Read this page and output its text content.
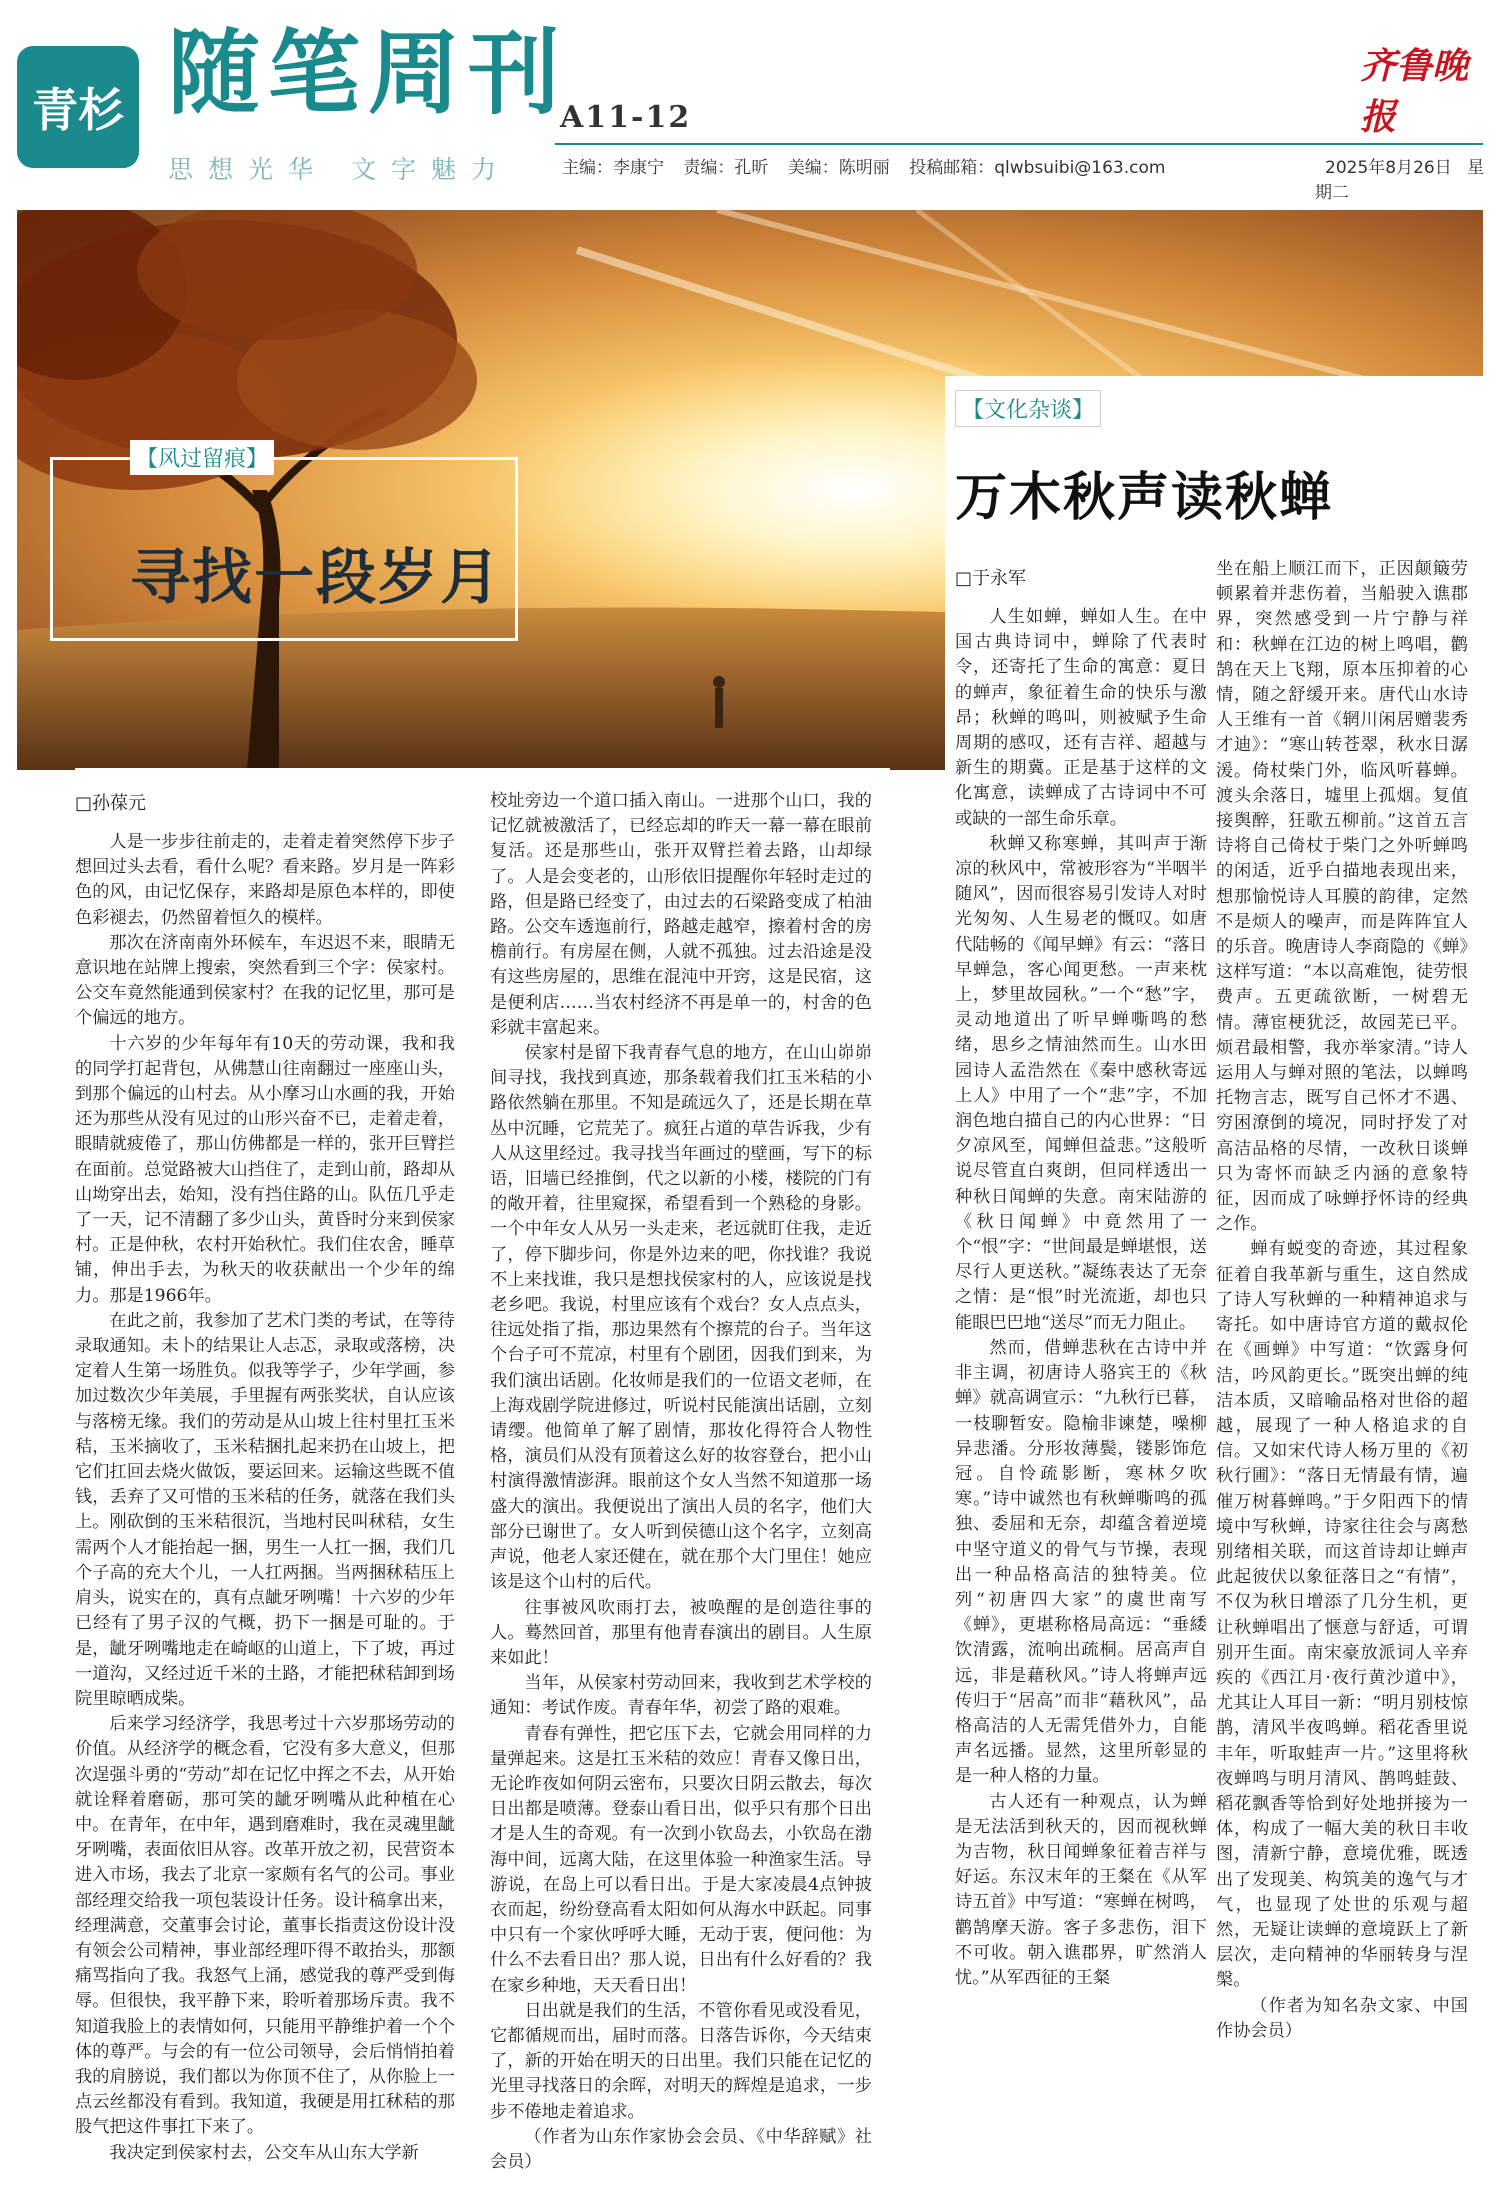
青杉 随笔周刊
思想光华 文字魅力
A11-12
齐鲁晚报
主编：李康宁 责编：孔昕 美编：陈明丽 投稿邮箱：qlwbsuibi@163.com	2025年8月26日 星期二
【风过留痕】
寻找一段岁月
【文化杂谈】
万木秋声读秋蝉
□于永军
□孙葆元

人是一步步往前走的，走着走着突然停下步子想回过头去看，看什么呢？看来路。岁月是一阵彩色的风，由记忆保存，来路却是原色本样的，即使色彩褪去，仍然留着恒久的模样。

那次在济南南外环候车，车迟迟不来，眼睛无意识地在站牌上搜索，突然看到三个字：侯家村。公交车竟然能通到侯家村？在我的记忆里，那可是个偏远的地方。

十六岁的少年每年有10天的劳动课，我和我的同学打起背包，从佛慧山往南翻过一座座山头，到那个偏远的山村去。从小摩习山水画的我，开始还为那些从没有见过的山形兴奋不已，走着走着，眼睛就疲倦了，那山仿佛都是一样的，张开巨臂拦在面前。总觉路被大山挡住了，走到山前，路却从山坳穿出去，始知，没有挡住路的山。队伍几乎走了一天，记不清翻了多少山头，黄昏时分来到侯家村。正是仲秋，农村开始秋忙。我们住农舍，睡草铺，伸出手去，为秋天的收获献出一个少年的绵力。那是1966年。

在此之前，我参加了艺术门类的考试，在等待录取通知。未卜的结果让人忐忑，录取或落榜，决定着人生第一场胜负。似我等学子，少年学画，参加过数次少年美展，手里握有两张奖状，自认应该与落榜无缘。我们的劳动是从山坡上往村里扛玉米秸，玉米摘收了，玉米秸捆扎起来扔在山坡上，把它们扛回去烧火做饭，要运回来。运输这些既不值钱，丢弃了又可惜的玉米秸的任务，就落在我们头上。刚砍倒的玉米秸很沉，当地村民叫秫秸，女生需两个人才能抬起一捆，男生一人扛一捆，我们几个子高的充大个儿，一人扛两捆。当两捆秫秸压上肩头，说实在的，真有点龇牙咧嘴！十六岁的少年已经有了男子汉的气概，扔下一捆是可耻的。于是，龇牙咧嘴地走在崎岖的山道上，下了坡，再过一道沟，又经过近千米的土路，才能把秫秸卸到场院里晾晒成柴。

后来学习经济学，我思考过十六岁那场劳动的价值。从经济学的概念看，它没有多大意义，但那次逞强斗勇的“劳动”却在记忆中挥之不去，从开始就诠释着磨砺，那可笑的龇牙咧嘴从此种植在心中。在青年，在中年，遇到磨难时，我在灵魂里龇牙咧嘴，表面依旧从容。改革开放之初，民营资本进入市场，我去了北京一家颇有名气的公司。事业部经理交给我一项包装设计任务。设计稿拿出来，经理满意，交董事会讨论，董事长指责这份设计没有领会公司精神，事业部经理吓得不敢抬头，那额痛骂指向了我。我怒气上涌，感觉我的尊严受到侮辱。但很快，我平静下来，聆听着那场斥责。我不知道我脸上的表情如何，只能用平静维护着一个个体的尊严。与会的有一位公司领导，会后悄悄拍着我的肩膀说，我们都以为你顶不住了，从你脸上一点云丝都没有看到。我知道，我硬是用扛秫秸的那股气把这件事扛下来了。

我决定到侯家村去，公交车从山东大学新

校址旁边一个道口插入南山。一进那个山口，我的记忆就被激活了，已经忘却的昨天一幕一幕在眼前复活。还是那些山，张开双臂拦着去路，山却绿了。人是会变老的，山形依旧提醒你年轻时走过的路，但是路已经变了，由过去的石梁路变成了柏油路。公交车透迤前行，路越走越窄，擦着村舍的房檐前行。有房屋在侧，人就不孤独。过去沿途是没有这些房屋的，思维在混沌中开窍，这是民宿，这是便利店……当农村经济不再是单一的，村舍的色彩就丰富起来。

侯家村是留下我青春气息的地方，在山山峁峁间寻找，我找到真迹，那条载着我们扛玉米秸的小路依然躺在那里。不知是疏远久了，还是长期在草丛中沉睡，它荒芜了。疯狂占道的草告诉我，少有人从这里经过。我寻找当年画过的壁画，写下的标语，旧墙已经推倒，代之以新的小楼，楼院的门有的敞开着，往里窥探，希望看到一个熟稔的身影。一个中年女人从另一头走来，老远就盯住我，走近了，停下脚步问，你是外边来的吧，你找谁？我说不上来找谁，我只是想找侯家村的人，应该说是找老乡吧。我说，村里应该有个戏台？女人点点头，往远处指了指，那边果然有个擦荒的台子。当年这个台子可不荒凉，村里有个剧团，因我们到来，为我们演出话剧。化妆师是我们的一位语文老师，在上海戏剧学院进修过，听说村民能演出话剧，立刻请缨。他简单了解了剧情，那妆化得符合人物性格，演员们从没有顶着这么好的妆容登台，把小山村演得激情澎湃。眼前这个女人当然不知道那一场盛大的演出。我便说出了演出人员的名字，他们大部分已谢世了。女人听到侯德山这个名字，立刻高声说，他老人家还健在，就在那个大门里住！她应该是这个山村的后代。

往事被风吹雨打去，被唤醒的是创造往事的人。蓦然回首，那里有他青春演出的剧目。人生原来如此！

当年，从侯家村劳动回来，我收到艺术学校的通知：考试作废。青春年华，初尝了路的艰难。

青春有弹性，把它压下去，它就会用同样的力量弹起来。这是扛玉米秸的效应！青春又像日出，无论昨夜如何阴云密布，只要次日阴云散去，每次日出都是喷薄。登泰山看日出，似乎只有那个日出才是人生的奇观。有一次到小钦岛去，小钦岛在渤海中间，远离大陆，在这里体验一种渔家生活。导游说，在岛上可以看日出。于是大家凌晨4点钟披衣而起，纷纷登高看太阳如何从海水中跃起。同事中只有一个家伙呼呼大睡，无动于衷，便问他：为什么不去看日出？那人说，日出有什么好看的？我在家乡种地，天天看日出！

日出就是我们的生活，不管你看见或没看见，它都循规而出，届时而落。日落告诉你，今天结束了，新的开始在明天的日出里。我们只能在记忆的光里寻找落日的余晖，对明天的辉煌是追求，一步步不倦地走着追求。

（作者为山东作家协会会员、《中华辞赋》社会员）

人生如蝉，蝉如人生。在中国古典诗词中，蝉除了代表时令，还寄托了生命的寓意：夏日的蝉声，象征着生命的快乐与激昂；秋蝉的鸣叫，则被赋予生命周期的感叹，还有吉祥、超越与新生的期冀。正是基于这样的文化寓意，读蝉成了古诗词中不可或缺的一部生命乐章。

秋蝉又称寒蝉，其叫声于渐凉的秋风中，常被形容为“半咽半随风”，因而很容易引发诗人对时光匆匆、人生易老的慨叹。如唐代陆畅的《闻早蝉》有云：“落日早蝉急，客心闻更愁。一声来枕上，梦里故园秋。”一个“愁”字，灵动地道出了听早蝉嘶鸣的愁绪，思乡之情油然而生。山水田园诗人孟浩然在《秦中感秋寄远上人》中用了一个“悲”字，不加润色地白描自己的内心世界：“日夕凉风至，闻蝉但益悲。”这般听说尽管直白爽朗，但同样透出一种秋日闻蝉的失意。南宋陆游的《秋日闻蝉》中竟然用了一个“恨”字：“世间最是蝉堪恨，送尽行人更送秋。”凝练表达了无奈之情：是“恨”时光流逝，却也只能眼巴巴地“送尽”而无力阻止。

然而，借蝉悲秋在古诗中并非主调，初唐诗人骆宾王的《秋蝉》就高调宣示：“九秋行已暮，一枝聊暂安。隐榆非谏楚，噪柳异悲潘。分形妆薄鬓，镂影饰危冠。自怜疏影断，寒林夕吹寒。”诗中诚然也有秋蝉嘶鸣的孤独、委屈和无奈，却蕴含着逆境中坚守道义的骨气与节操，表现出一种品格高洁的独特美。位列“初唐四大家”的虞世南写《蝉》，更堪称格局高远：“垂緌饮清露，流响出疏桐。居高声自远，非是藉秋风。”诗人将蝉声远传归于“居高”而非“藉秋风”，品格高洁的人无需凭借外力，自能声名远播。显然，这里所彰显的是一种人格的力量。

古人还有一种观点，认为蝉是无法活到秋天的，因而视秋蝉为吉物，秋日闻蝉象征着吉祥与好运。东汉末年的王粲在《从军诗五首》中写道：“寒蝉在树鸣，鹳鹄摩天游。客子多悲伤，泪下不可收。朝入谯郡界，旷然消人忧。”从军西征的王粲

坐在船上顺江而下，正因颠簸劳顿累着并悲伤着，当船驶入谯郡界，突然感受到一片宁静与祥和：秋蝉在江边的树上鸣唱，鹳鹄在天上飞翔，原本压抑着的心情，随之舒缓开来。唐代山水诗人王维有一首《辋川闲居赠裴秀才迪》：“寒山转苍翠，秋水日潺湲。倚杖柴门外，临风听暮蝉。渡头余落日，墟里上孤烟。复值接舆醉，狂歌五柳前。”这首五言诗将自己倚杖于柴门之外听蝉鸣的闲适，近乎白描地表现出来，想那愉悦诗人耳膜的韵律，定然不是烦人的噪声，而是阵阵宜人的乐音。晚唐诗人李商隐的《蝉》这样写道：“本以高难饱，徒劳恨费声。五更疏欲断，一树碧无情。薄宦梗犹泛，故园芜已平。烦君最相警，我亦举家清。”诗人运用人与蝉对照的笔法，以蝉鸣托物言志，既写自己怀才不遇、穷困潦倒的境况，同时抒发了对高洁品格的尽情，一改秋日谈蝉只为寄怀而缺乏内涵的意象特征，因而成了咏蝉抒怀诗的经典之作。

蝉有蜕变的奇迹，其过程象征着自我革新与重生，这自然成了诗人写秋蝉的一种精神追求与寄托。如中唐诗官方道的戴叔伦在《画蝉》中写道：“饮露身何洁，吟风韵更长。”既突出蝉的纯洁本质，又暗喻品格对世俗的超越，展现了一种人格追求的自信。又如宋代诗人杨万里的《初秋行圃》：“落日无情最有情，遍催万树暮蝉鸣。”于夕阳西下的情境中写秋蝉，诗家往往会与离愁别绪相关联，而这首诗却让蝉声此起彼伏以象征落日之“有情”，不仅为秋日增添了几分生机，更让秋蝉唱出了惬意与舒适，可谓别开生面。南宋豪放派词人辛弃疾的《西江月·夜行黄沙道中》，尤其让人耳目一新：“明月别枝惊鹊，清风半夜鸣蝉。稻花香里说丰年，听取蛙声一片。”这里将秋夜蝉鸣与明月清风、鹊鸣蛙鼓、稻花飘香等恰到好处地拼接为一体，构成了一幅大美的秋日丰收图，清新宁静，意境优雅，既透出了发现美、构筑美的逸气与才气，也显现了处世的乐观与超然，无疑让读蝉的意境跃上了新层次，走向精神的华丽转身与涅槃。

（作者为知名杂文家、中国作协会员）
